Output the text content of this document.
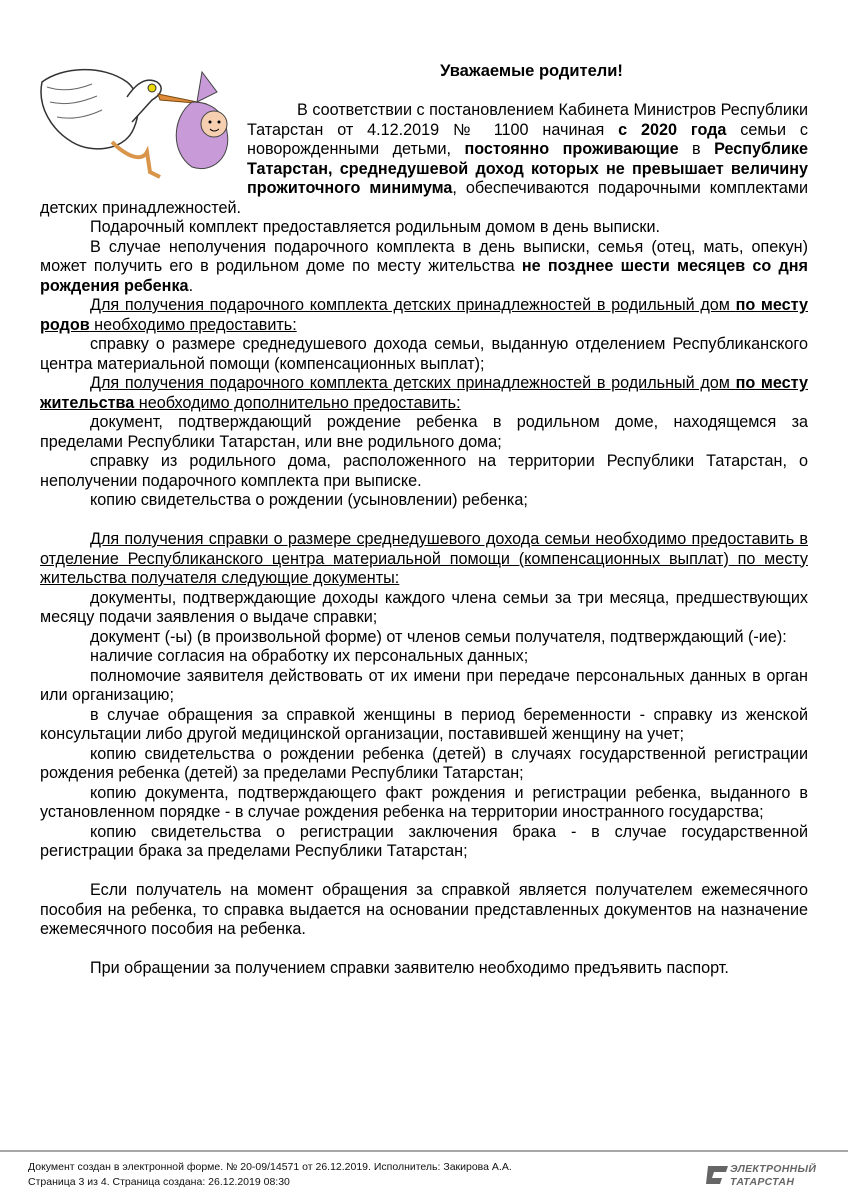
Уважаемые родители!

В соответствии с постановлением Кабинета Министров Республики Татарстан от 4.12.2019 № 1100 начиная с 2020 года семьи с новорожденными детьми, постоянно проживающие в Республике Татарстан, среднедушевой доход которых не превышает величину прожиточного минимума, обеспечиваются подарочными комплектами детских принадлежностей.

Подарочный комплект предоставляется родильным домом в день выписки.

В случае неполучения подарочного комплекта в день выписки, семья (отец, мать, опекун) может получить его в родильном доме по месту жительства не позднее шести месяцев со дня рождения ребенка.

Для получения подарочного комплекта детских принадлежностей в родильный дом по месту родов необходимо предоставить:

справку о размере среднедушевого дохода семьи, выданную отделением Республиканского центра материальной помощи (компенсационных выплат);

Для получения подарочного комплекта детских принадлежностей в родильный дом по месту жительства необходимо дополнительно предоставить:

документ, подтверждающий рождение ребенка в родильном доме, находящемся за пределами Республики Татарстан, или вне родильного дома;

справку из родильного дома, расположенного на территории Республики Татарстан, о неполучении подарочного комплекта при выписке.

копию свидетельства о рождении (усыновлении) ребенка;

Для получения справки о размере среднедушевого дохода семьи необходимо предоставить в отделение Республиканского центра материальной помощи (компенсационных выплат) по месту жительства получателя следующие документы:

документы, подтверждающие доходы каждого члена семьи за три месяца, предшествующих месяцу подачи заявления о выдаче справки;

документ (-ы) (в произвольной форме) от членов семьи получателя, подтверждающий (-ие):

наличие согласия на обработку их персональных данных;

полномочие заявителя действовать от их имени при передаче персональных данных в орган или организацию;

в случае обращения за справкой женщины в период беременности - справку из женской консультации либо другой медицинской организации, поставившей женщину на учет;

копию свидетельства о рождении ребенка (детей) в случаях государственной регистрации рождения ребенка (детей) за пределами Республики Татарстан;

копию документа, подтверждающего факт рождения и регистрации ребенка, выданного в установленном порядке - в случае рождения ребенка на территории иностранного государства;

копию свидетельства о регистрации заключения брака - в случае государственной регистрации брака за пределами Республики Татарстан;

Если получатель на момент обращения за справкой является получателем ежемесячного пособия на ребенка, то справка выдается на основании представленных документов на назначение ежемесячного пособия на ребенка.

При обращении за получением справки заявителю необходимо предъявить паспорт.

Документ создан в электронной форме. № 20-09/14571 от 26.12.2019. Исполнитель: Закирова А.А.
Страница 3 из 4. Страница создана: 26.12.2019 08:30
ЭЛЕКТРОННЫЙ
ТАТАРСТАН
